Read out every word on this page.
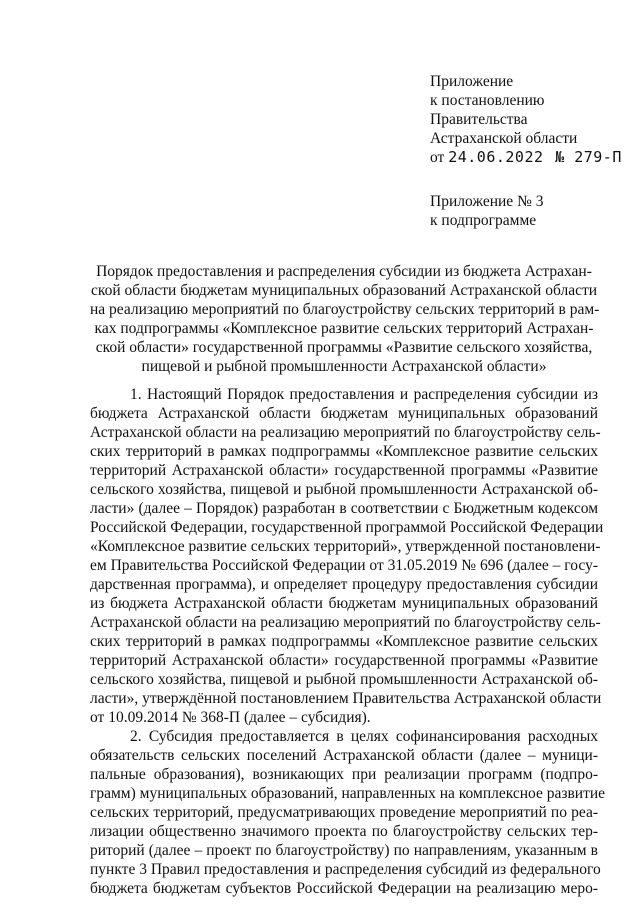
Приложение
к постановлению
Правительства
Астраханской области
от 24.06.2022 № 279-П
Приложение № 3
к подпрограмме
Порядок предоставления и распределения субсидии из бюджета Астрахан-
ской области бюджетам муниципальных образований Астраханской области
на реализацию мероприятий по благоустройству сельских территорий в рам-
ках подпрограммы «Комплексное развитие сельских территорий Астрахан-
ской области» государственной программы «Развитие сельского хозяйства,
пищевой и рыбной промышленности Астраханской области»
1. Настоящий Порядок предоставления и распределения субсидии из
бюджета Астраханской области бюджетам муниципальных образований
Астраханской области на реализацию мероприятий по благоустройству сель-
ских территорий в рамках подпрограммы «Комплексное развитие сельских
территорий Астраханской области» государственной программы «Развитие
сельского хозяйства, пищевой и рыбной промышленности Астраханской об-
ласти» (далее – Порядок) разработан в соответствии с Бюджетным кодексом
Российской Федерации, государственной программой Российской Федерации
«Комплексное развитие сельских территорий», утвержденной постановлени-
ем Правительства Российской Федерации от 31.05.2019 № 696 (далее – госу-
дарственная программа), и определяет процедуру предоставления субсидии
из бюджета Астраханской области бюджетам муниципальных образований
Астраханской области на реализацию мероприятий по благоустройству сель-
ских территорий в рамках подпрограммы «Комплексное развитие сельских
территорий Астраханской области» государственной программы «Развитие
сельского хозяйства, пищевой и рыбной промышленности Астраханской об-
ласти», утверждённой постановлением Правительства Астраханской области
от 10.09.2014 № 368-П (далее – субсидия).
2. Субсидия предоставляется в целях софинансирования расходных
обязательств сельских поселений Астраханской области (далее – муници-
пальные образования), возникающих при реализации программ (подпро-
грамм) муниципальных образований, направленных на комплексное развитие
сельских территорий, предусматривающих проведение мероприятий по реа-
лизации общественно значимого проекта по благоустройству сельских тер-
риторий (далее – проект по благоустройству) по направлениям, указанным в
пункте 3 Правил предоставления и распределения субсидий из федерального
бюджета бюджетам субъектов Российской Федерации на реализацию меро-
